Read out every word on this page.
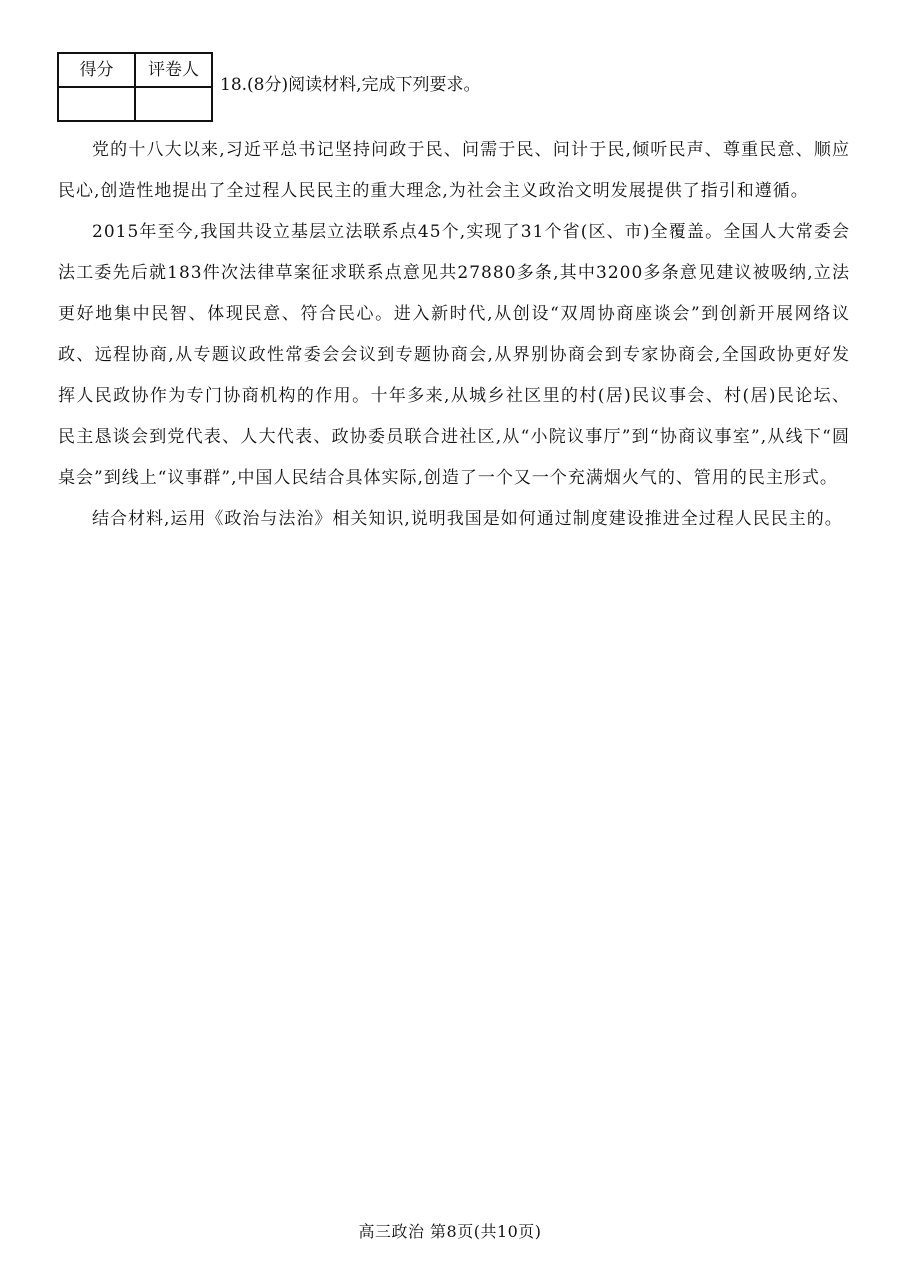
得分	评卷人

18.(8分)阅读材料,完成下列要求。

党的十八大以来,习近平总书记坚持问政于民、问需于民、问计于民,倾听民声、尊重民意、顺应民心,创造性地提出了全过程人民民主的重大理念,为社会主义政治文明发展提供了指引和遵循。

2015年至今,我国共设立基层立法联系点45个,实现了31个省(区、市)全覆盖。全国人大常委会法工委先后就183件次法律草案征求联系点意见共27880多条,其中3200多条意见建议被吸纳,立法更好地集中民智、体现民意、符合民心。进入新时代,从创设“双周协商座谈会”到创新开展网络议政、远程协商,从专题议政性常委会会议到专题协商会,从界别协商会到专家协商会,全国政协更好发挥人民政协作为专门协商机构的作用。十年多来,从城乡社区里的村(居)民议事会、村(居)民论坛、民主恳谈会到党代表、人大代表、政协委员联合进社区,从“小院议事厅”到“协商议事室”,从线下“圆桌会”到线上“议事群”,中国人民结合具体实际,创造了一个又一个充满烟火气的、管用的民主形式。

结合材料,运用《政治与法治》相关知识,说明我国是如何通过制度建设推进全过程人民民主的。

高三政治 第8页(共10页)
